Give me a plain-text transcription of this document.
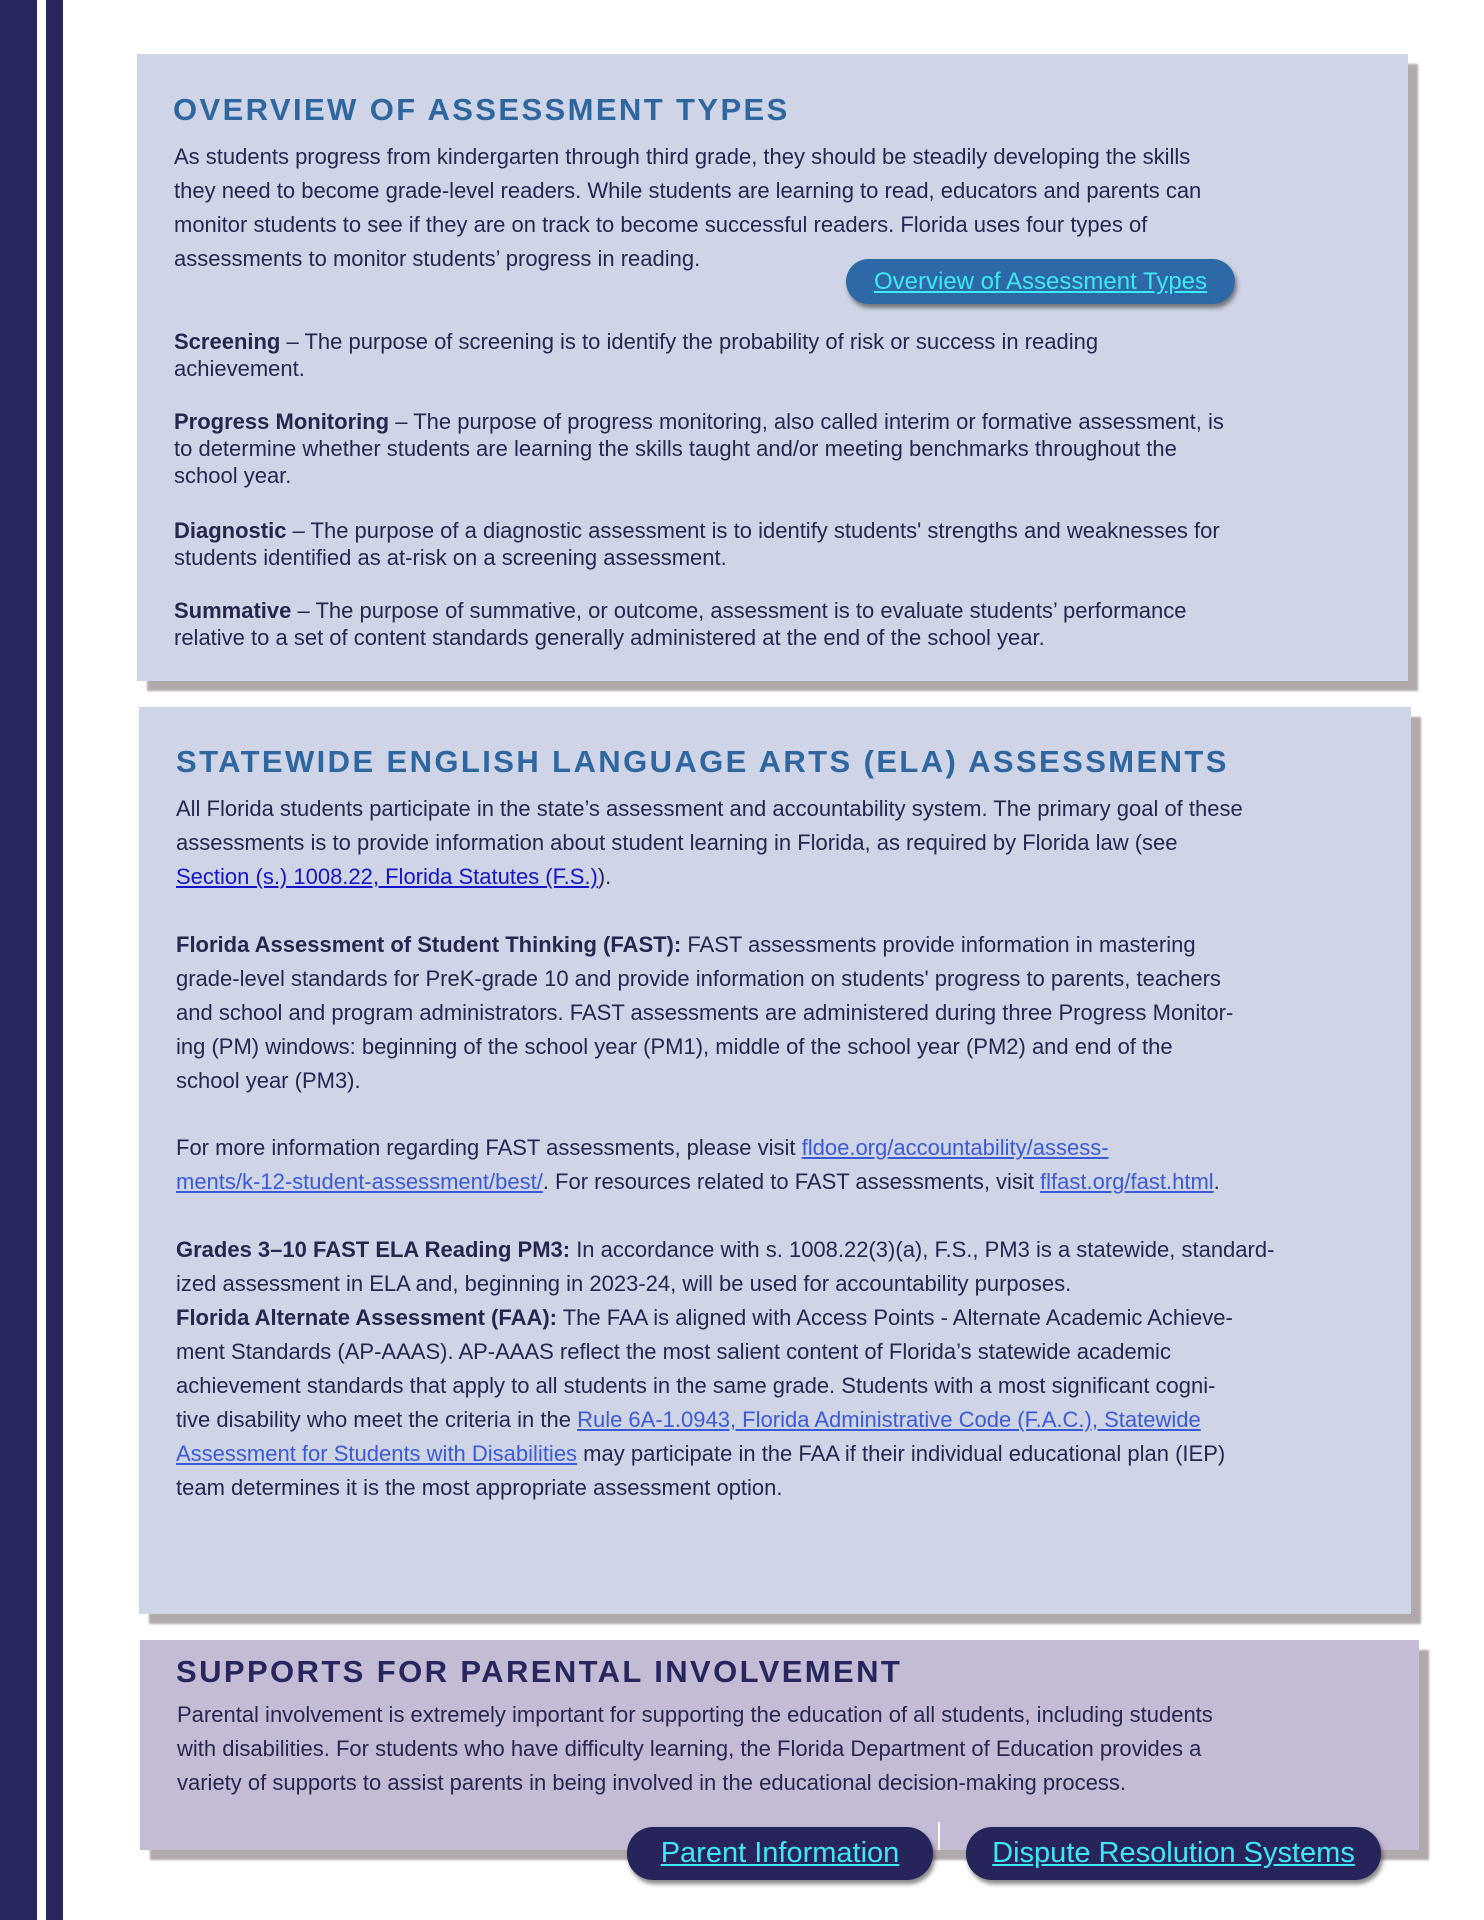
OVERVIEW OF ASSESSMENT TYPES

As students progress from kindergarten through third grade, they should be steadily developing the skills
they need to become grade-level readers. While students are learning to read, educators and parents can
monitor students to see if they are on track to become successful readers. Florida uses four types of
assessments to monitor students’ progress in reading.

Overview of Assessment Types

Screening – The purpose of screening is to identify the probability of risk or success in reading
achievement.

Progress Monitoring – The purpose of progress monitoring, also called interim or formative assessment, is
to determine whether students are learning the skills taught and/or meeting benchmarks throughout the
school year.

Diagnostic – The purpose of a diagnostic assessment is to identify students' strengths and weaknesses for
students identified as at-risk on a screening assessment.

Summative – The purpose of summative, or outcome, assessment is to evaluate students’ performance
relative to a set of content standards generally administered at the end of the school year.

STATEWIDE ENGLISH LANGUAGE ARTS (ELA) ASSESSMENTS

All Florida students participate in the state’s assessment and accountability system. The primary goal of these
assessments is to provide information about student learning in Florida, as required by Florida law (see
Section (s.) 1008.22, Florida Statutes (F.S.)).

Florida Assessment of Student Thinking (FAST): FAST assessments provide information in mastering
grade-level standards for PreK-grade 10 and provide information on students' progress to parents, teachers
and school and program administrators. FAST assessments are administered during three Progress Monitor-
ing (PM) windows: beginning of the school year (PM1), middle of the school year (PM2) and end of the
school year (PM3).

For more information regarding FAST assessments, please visit fldoe.org/accountability/assess-
ments/k-12-student-assessment/best/. For resources related to FAST assessments, visit flfast.org/fast.html.

Grades 3–10 FAST ELA Reading PM3: In accordance with s. 1008.22(3)(a), F.S., PM3 is a statewide, standard-
ized assessment in ELA and, beginning in 2023-24, will be used for accountability purposes.

Florida Alternate Assessment (FAA): The FAA is aligned with Access Points - Alternate Academic Achieve-
ment Standards (AP-AAAS). AP-AAAS reflect the most salient content of Florida’s statewide academic
achievement standards that apply to all students in the same grade. Students with a most significant cogni-
tive disability who meet the criteria in the Rule 6A-1.0943, Florida Administrative Code (F.A.C.), Statewide
Assessment for Students with Disabilities may participate in the FAA if their individual educational plan (IEP)
team determines it is the most appropriate assessment option.

SUPPORTS FOR PARENTAL INVOLVEMENT

Parental involvement is extremely important for supporting the education of all students, including students
with disabilities. For students who have difficulty learning, the Florida Department of Education provides a
variety of supports to assist parents in being involved in the educational decision-making process.

Parent Information	Dispute Resolution Systems
